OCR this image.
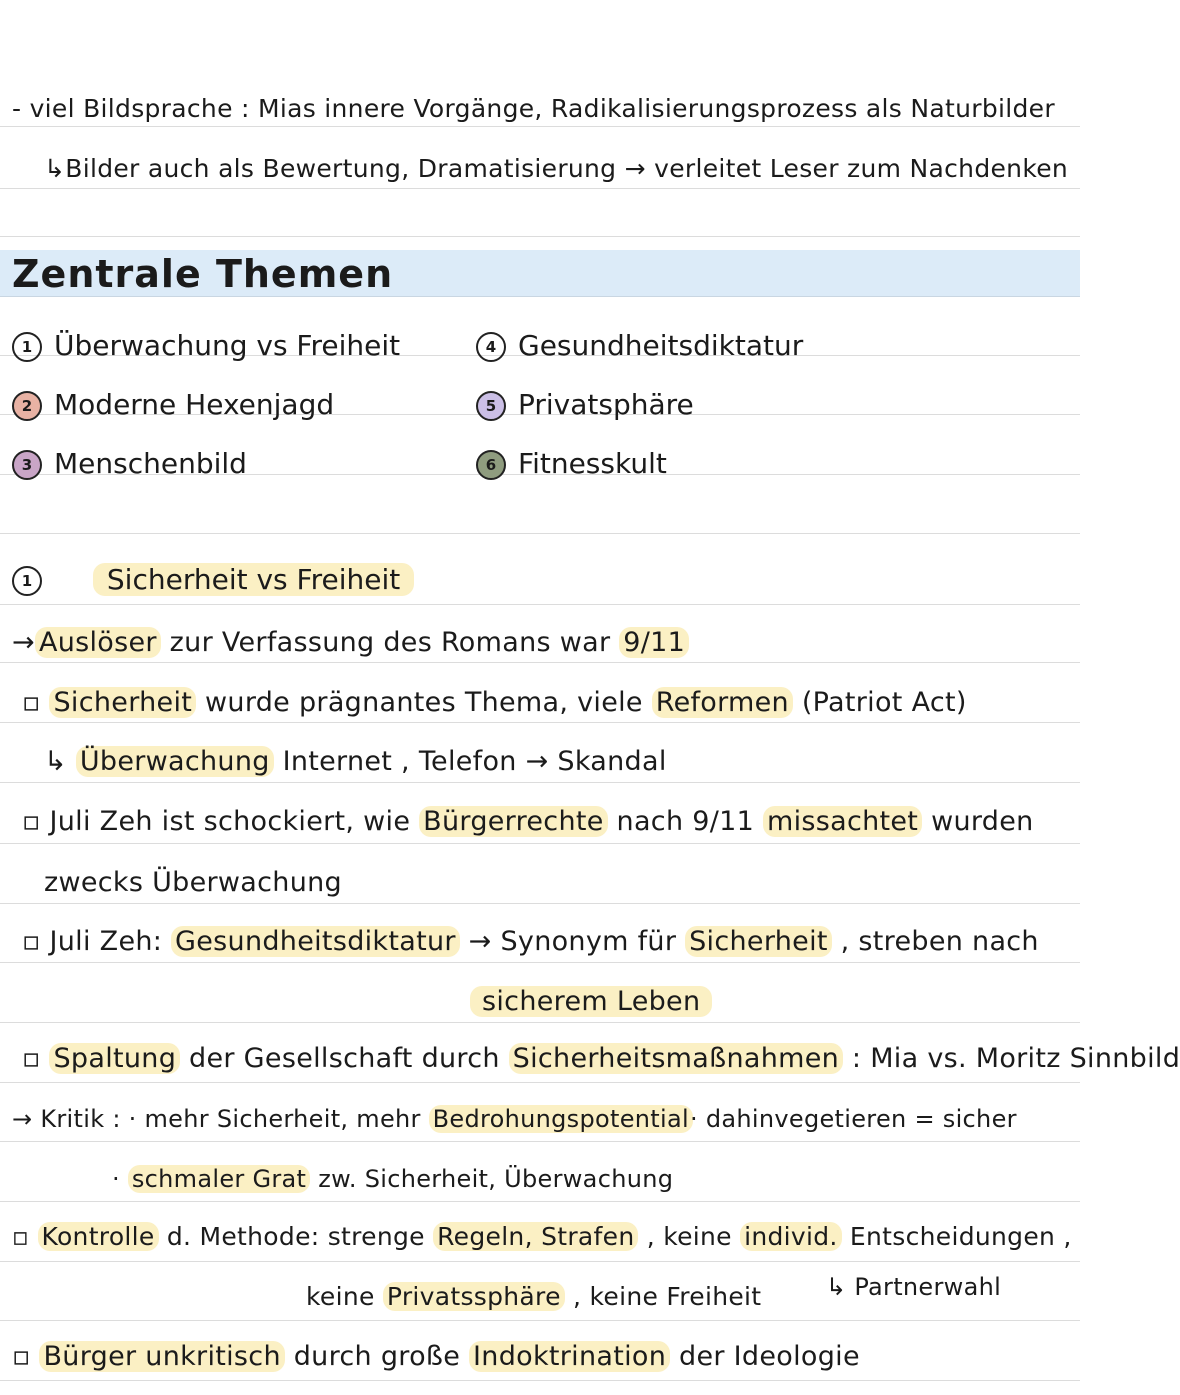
- viel Bildsprache : Mias innere Vorgänge, Radikalisierungsprozess als Naturbilder
↳Bilder auch als Bewertung, Dramatisierung → verleitet Leser zum Nachdenken
Zentrale Themen
1 Überwachung vs Freiheit
2 Moderne Hexenjagd
3 Menschenbild
4 Gesundheitsdiktatur
5 Privatsphäre
6 Fitnesskult
1	Sicherheit vs Freiheit
→ Auslöser zur Verfassung des Romans war 9/11
▫ Sicherheit wurde prägnantes Thema, viele Reformen (Patriot Act)
↳ Überwachung Internet , Telefon → Skandal
▫ Juli Zeh ist schockiert, wie Bürgerrechte nach 9/11 missachtet wurden
zwecks Überwachung
▫ Juli Zeh: Gesundheitsdiktatur → Synonym für Sicherheit , streben nach
sicherem Leben
▫ Spaltung der Gesellschaft durch Sicherheitsmaßnahmen : Mia vs. Moritz Sinnbild
→ Kritik : · mehr Sicherheit, mehr Bedrohungspotential · dahinvegetieren = sicher
· schmaler Grat zw. Sicherheit, Überwachung
▫ Kontrolle d. Methode: strenge Regeln, Strafen , keine individ. Entscheidungen ,
keine Privatssphäre , keine Freiheit	↳ Partnerwahl
▫ Bürger unkritisch durch große Indoktrination der Ideologie
